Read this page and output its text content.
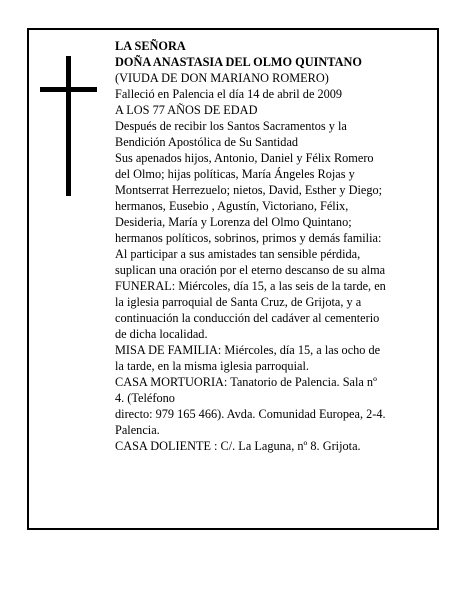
LA SEÑORA
DOÑA ANASTASIA DEL OLMO QUINTANO
(VIUDA DE DON MARIANO ROMERO)
Falleció en Palencia el día 14 de abril de 2009
A LOS 77 AÑOS DE EDAD
Después de recibir los Santos Sacramentos y la
Bendición Apostólica de Su Santidad
Sus apenados hijos, Antonio, Daniel y Félix Romero
del Olmo; hijas políticas, María Ángeles Rojas y
Montserrat Herrezuelo; nietos, David, Esther y Diego;
hermanos, Eusebio , Agustín, Victoriano, Félix,
Desideria, María y Lorenza del Olmo Quintano;
hermanos políticos, sobrinos, primos y demás familia:
Al participar a sus amistades tan sensible pérdida,
suplican una oración por el eterno descanso de su alma
FUNERAL: Miércoles, día 15, a las seis de la tarde, en
la iglesia parroquial de Santa Cruz, de Grijota, y a
continuación la conducción del cadáver al cementerio
de dicha localidad.
MISA DE FAMILIA: Miércoles, día 15, a las ocho de
la tarde, en la misma iglesia parroquial.
CASA MORTUORIA: Tanatorio de Palencia. Sala nº
4. (Teléfono
directo: 979 165 466). Avda. Comunidad Europea, 2-4.
Palencia.
CASA DOLIENTE : C/. La Laguna, nº 8. Grijota.
